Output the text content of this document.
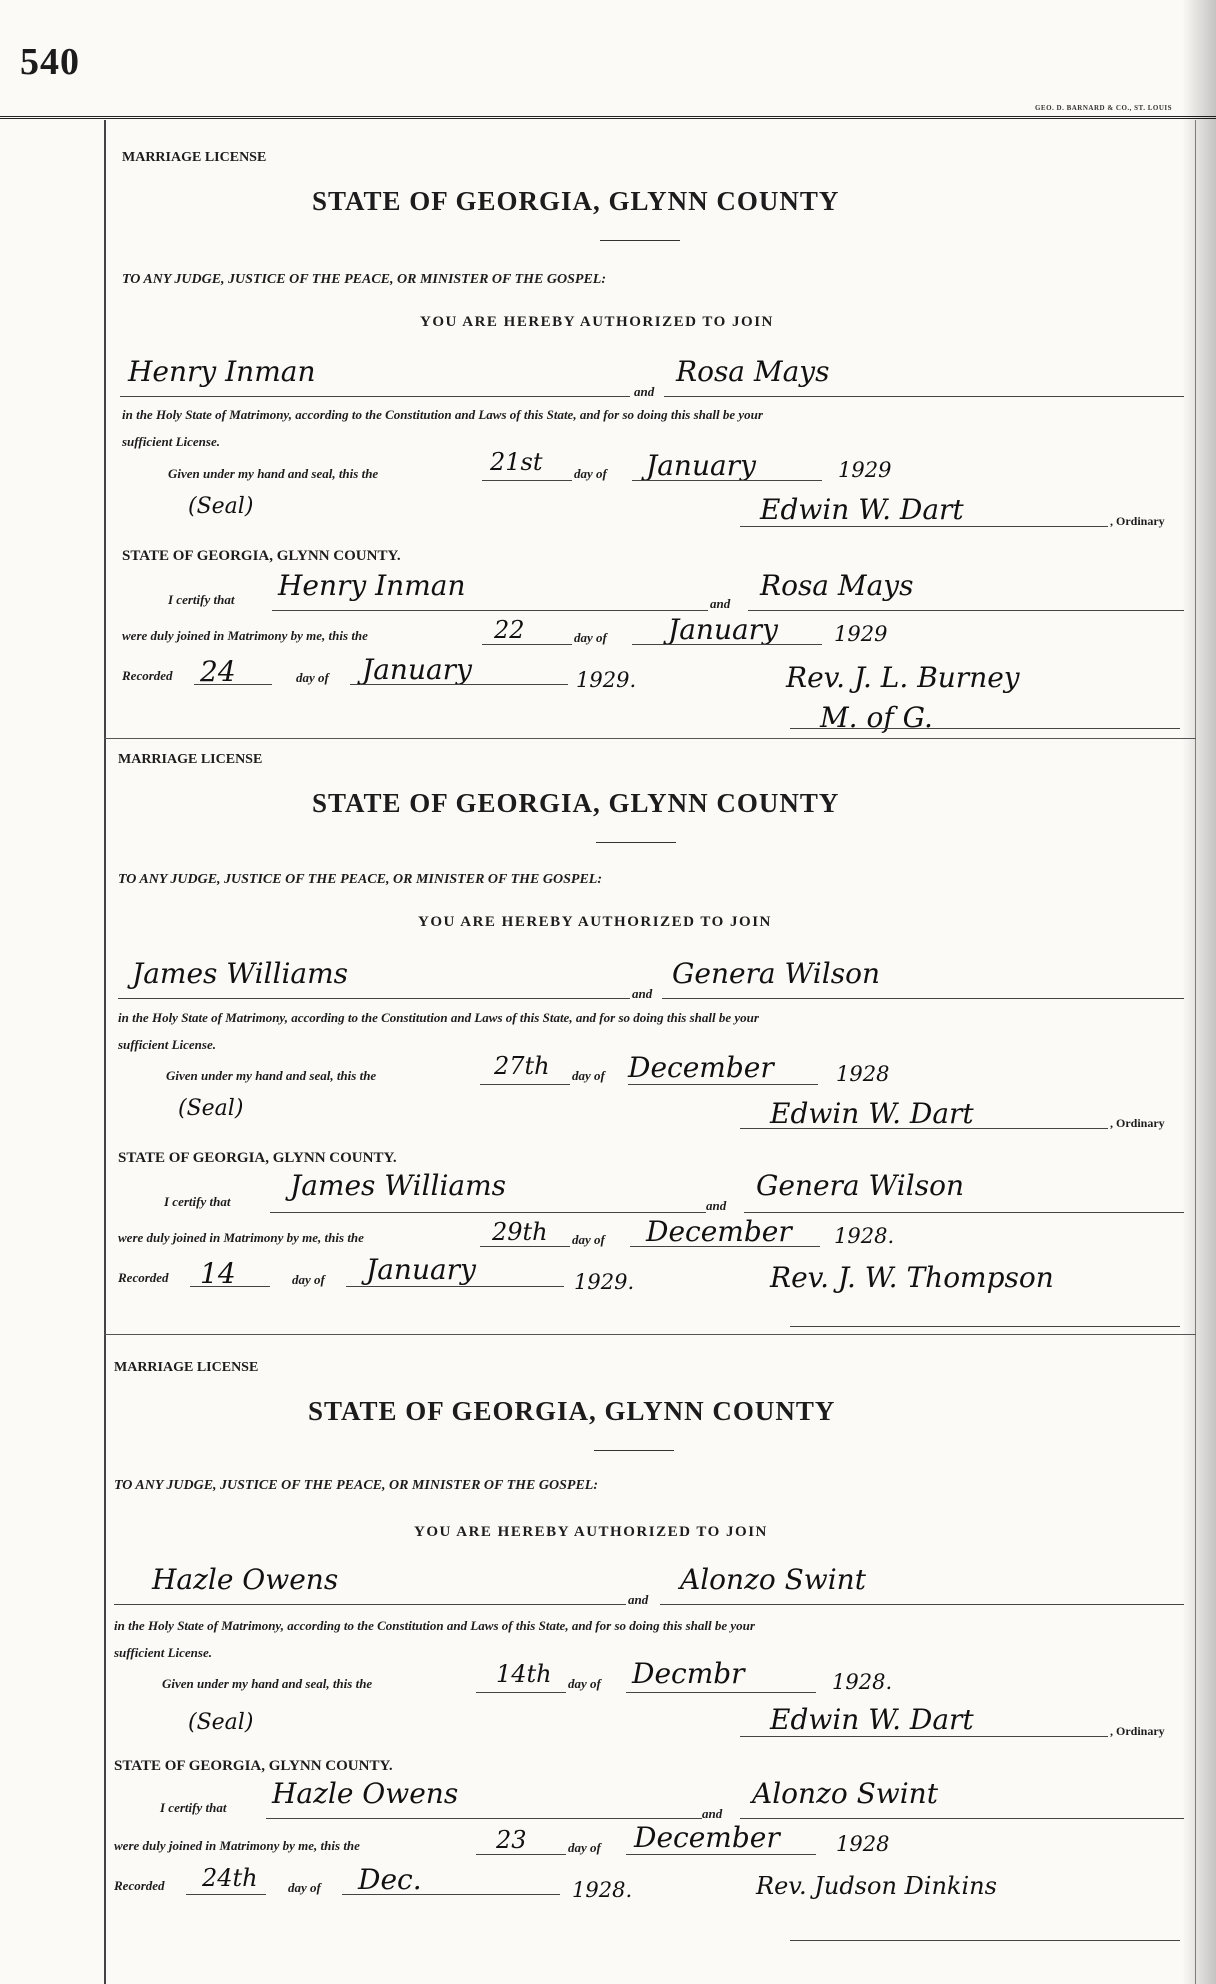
540
GEO. D. BARNARD & CO., ST. LOUIS
MARRIAGE LICENSE
STATE OF GEORGIA, GLYNN COUNTY
TO ANY JUDGE, JUSTICE OF THE PEACE, OR MINISTER OF THE GOSPEL:
YOU ARE HEREBY AUTHORIZED TO JOIN
Henry Inman
and
Rosa Mays
in the Holy State of Matrimony, according to the Constitution and Laws of this State, and for so doing this shall be your
sufficient License.
Given under my hand and seal, this the	21st day of January	1929
(Seal)	Edwin W. Dart	, Ordinary
STATE OF GEORGIA, GLYNN COUNTY.
I certify that Henry Inman
and
Rosa Mays
were duly joined in Matrimony by me, this the	22	day of January	1929
Recorded 24	day of January	1929.	Rev. J. L. Burney
M. of G.
MARRIAGE LICENSE
STATE OF GEORGIA, GLYNN COUNTY
TO ANY JUDGE, JUSTICE OF THE PEACE, OR MINISTER OF THE GOSPEL:
YOU ARE HEREBY AUTHORIZED TO JOIN
James Williams
and
Genera Wilson
in the Holy State of Matrimony, according to the Constitution and Laws of this State, and for so doing this shall be your
sufficient License.
Given under my hand and seal, this the	27th day of December	1928
(Seal)	Edwin W. Dart	, Ordinary
STATE OF GEORGIA, GLYNN COUNTY.
I certify that James Williams
and
Genera Wilson
were duly joined in Matrimony by me, this the	29th day of December 1928.
Recorded 14	day of January	1929.	Rev. J. W. Thompson
MARRIAGE LICENSE
STATE OF GEORGIA, GLYNN COUNTY
TO ANY JUDGE, JUSTICE OF THE PEACE, OR MINISTER OF THE GOSPEL:
YOU ARE HEREBY AUTHORIZED TO JOIN
Hazle Owens
and
Alonzo Swint
in the Holy State of Matrimony, according to the Constitution and Laws of this State, and for so doing this shall be your
sufficient License.
Given under my hand and seal, this the	14th day of Decmbr	1928.
(Seal)	Edwin W. Dart	, Ordinary
STATE OF GEORGIA, GLYNN COUNTY.
I certify that Hazle Owens
and
Alonzo Swint
were duly joined in Matrimony by me, this the	23	day of December	1928
Recorded 24th day of Dec.	1928.	Rev. Judson Dinkins
